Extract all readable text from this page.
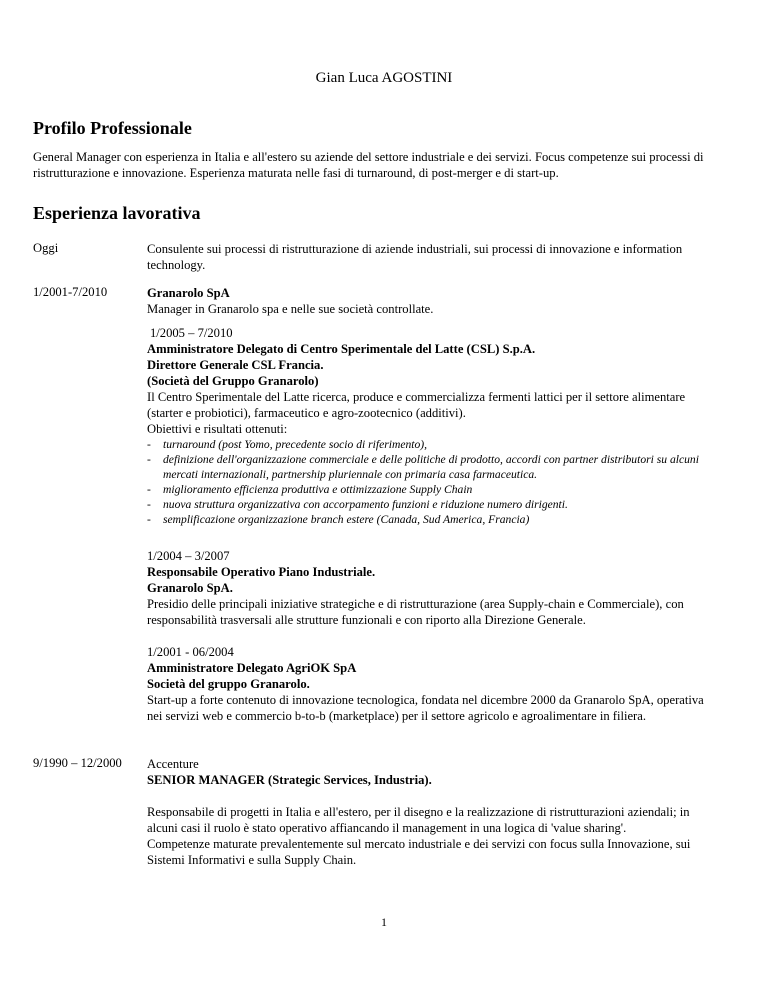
Gian Luca AGOSTINI
Profilo Professionale
General Manager con esperienza in Italia e all'estero su aziende del settore industriale e dei servizi. Focus competenze sui processi di ristrutturazione e innovazione. Esperienza maturata nelle fasi di turnaround, di post-merger e di start-up.
Esperienza lavorativa
Oggi	Consulente sui processi di ristrutturazione di aziende industriali, sui processi di innovazione e information technology.
1/2001-7/2010	Granarolo SpA
Manager in Granarolo spa e nelle sue società controllate.
1/2005 – 7/2010
Amministratore Delegato di Centro Sperimentale del Latte (CSL) S.p.A.
Direttore Generale CSL Francia.
(Società del Gruppo Granarolo)
Il Centro Sperimentale del Latte ricerca, produce e commercializza fermenti lattici per il settore alimentare (starter e probiotici), farmaceutico e agro-zootecnico (additivi).
Obiettivi e risultati ottenuti:
- turnaround (post Yomo, precedente socio di riferimento),
- definizione dell'organizzazione commerciale e delle politiche di prodotto, accordi con partner distributori su alcuni mercati internazionali, partnership pluriennale con primaria casa farmaceutica.
- miglioramento efficienza produttiva e ottimizzazione Supply Chain
- nuova struttura organizzativa con accorpamento funzioni e riduzione numero dirigenti.
- semplificazione organizzazione branch estere (Canada, Sud America, Francia)
1/2004 – 3/2007
Responsabile Operativo Piano Industriale.
Granarolo SpA.
Presidio delle principali iniziative strategiche e di ristrutturazione (area Supply-chain e Commerciale), con responsabilità trasversali alle strutture funzionali e con riporto alla Direzione Generale.
1/2001 - 06/2004
Amministratore Delegato AgriOK SpA
Società del gruppo Granarolo.
Start-up a forte contenuto di innovazione tecnologica, fondata nel dicembre 2000 da Granarolo SpA, operativa nei servizi web e commercio b-to-b (marketplace) per il settore agricolo e agroalimentare in filiera.
9/1990 – 12/2000 Accenture
SENIOR MANAGER (Strategic Services, Industria).
Responsabile di progetti in Italia e all'estero, per il disegno e la realizzazione di ristrutturazioni aziendali; in alcuni casi il ruolo è stato operativo affiancando il management in una logica di 'value sharing'.
Competenze maturate prevalentemente sul mercato industriale e dei servizi con focus sulla Innovazione, sui Sistemi Informativi e sulla Supply Chain.
1
